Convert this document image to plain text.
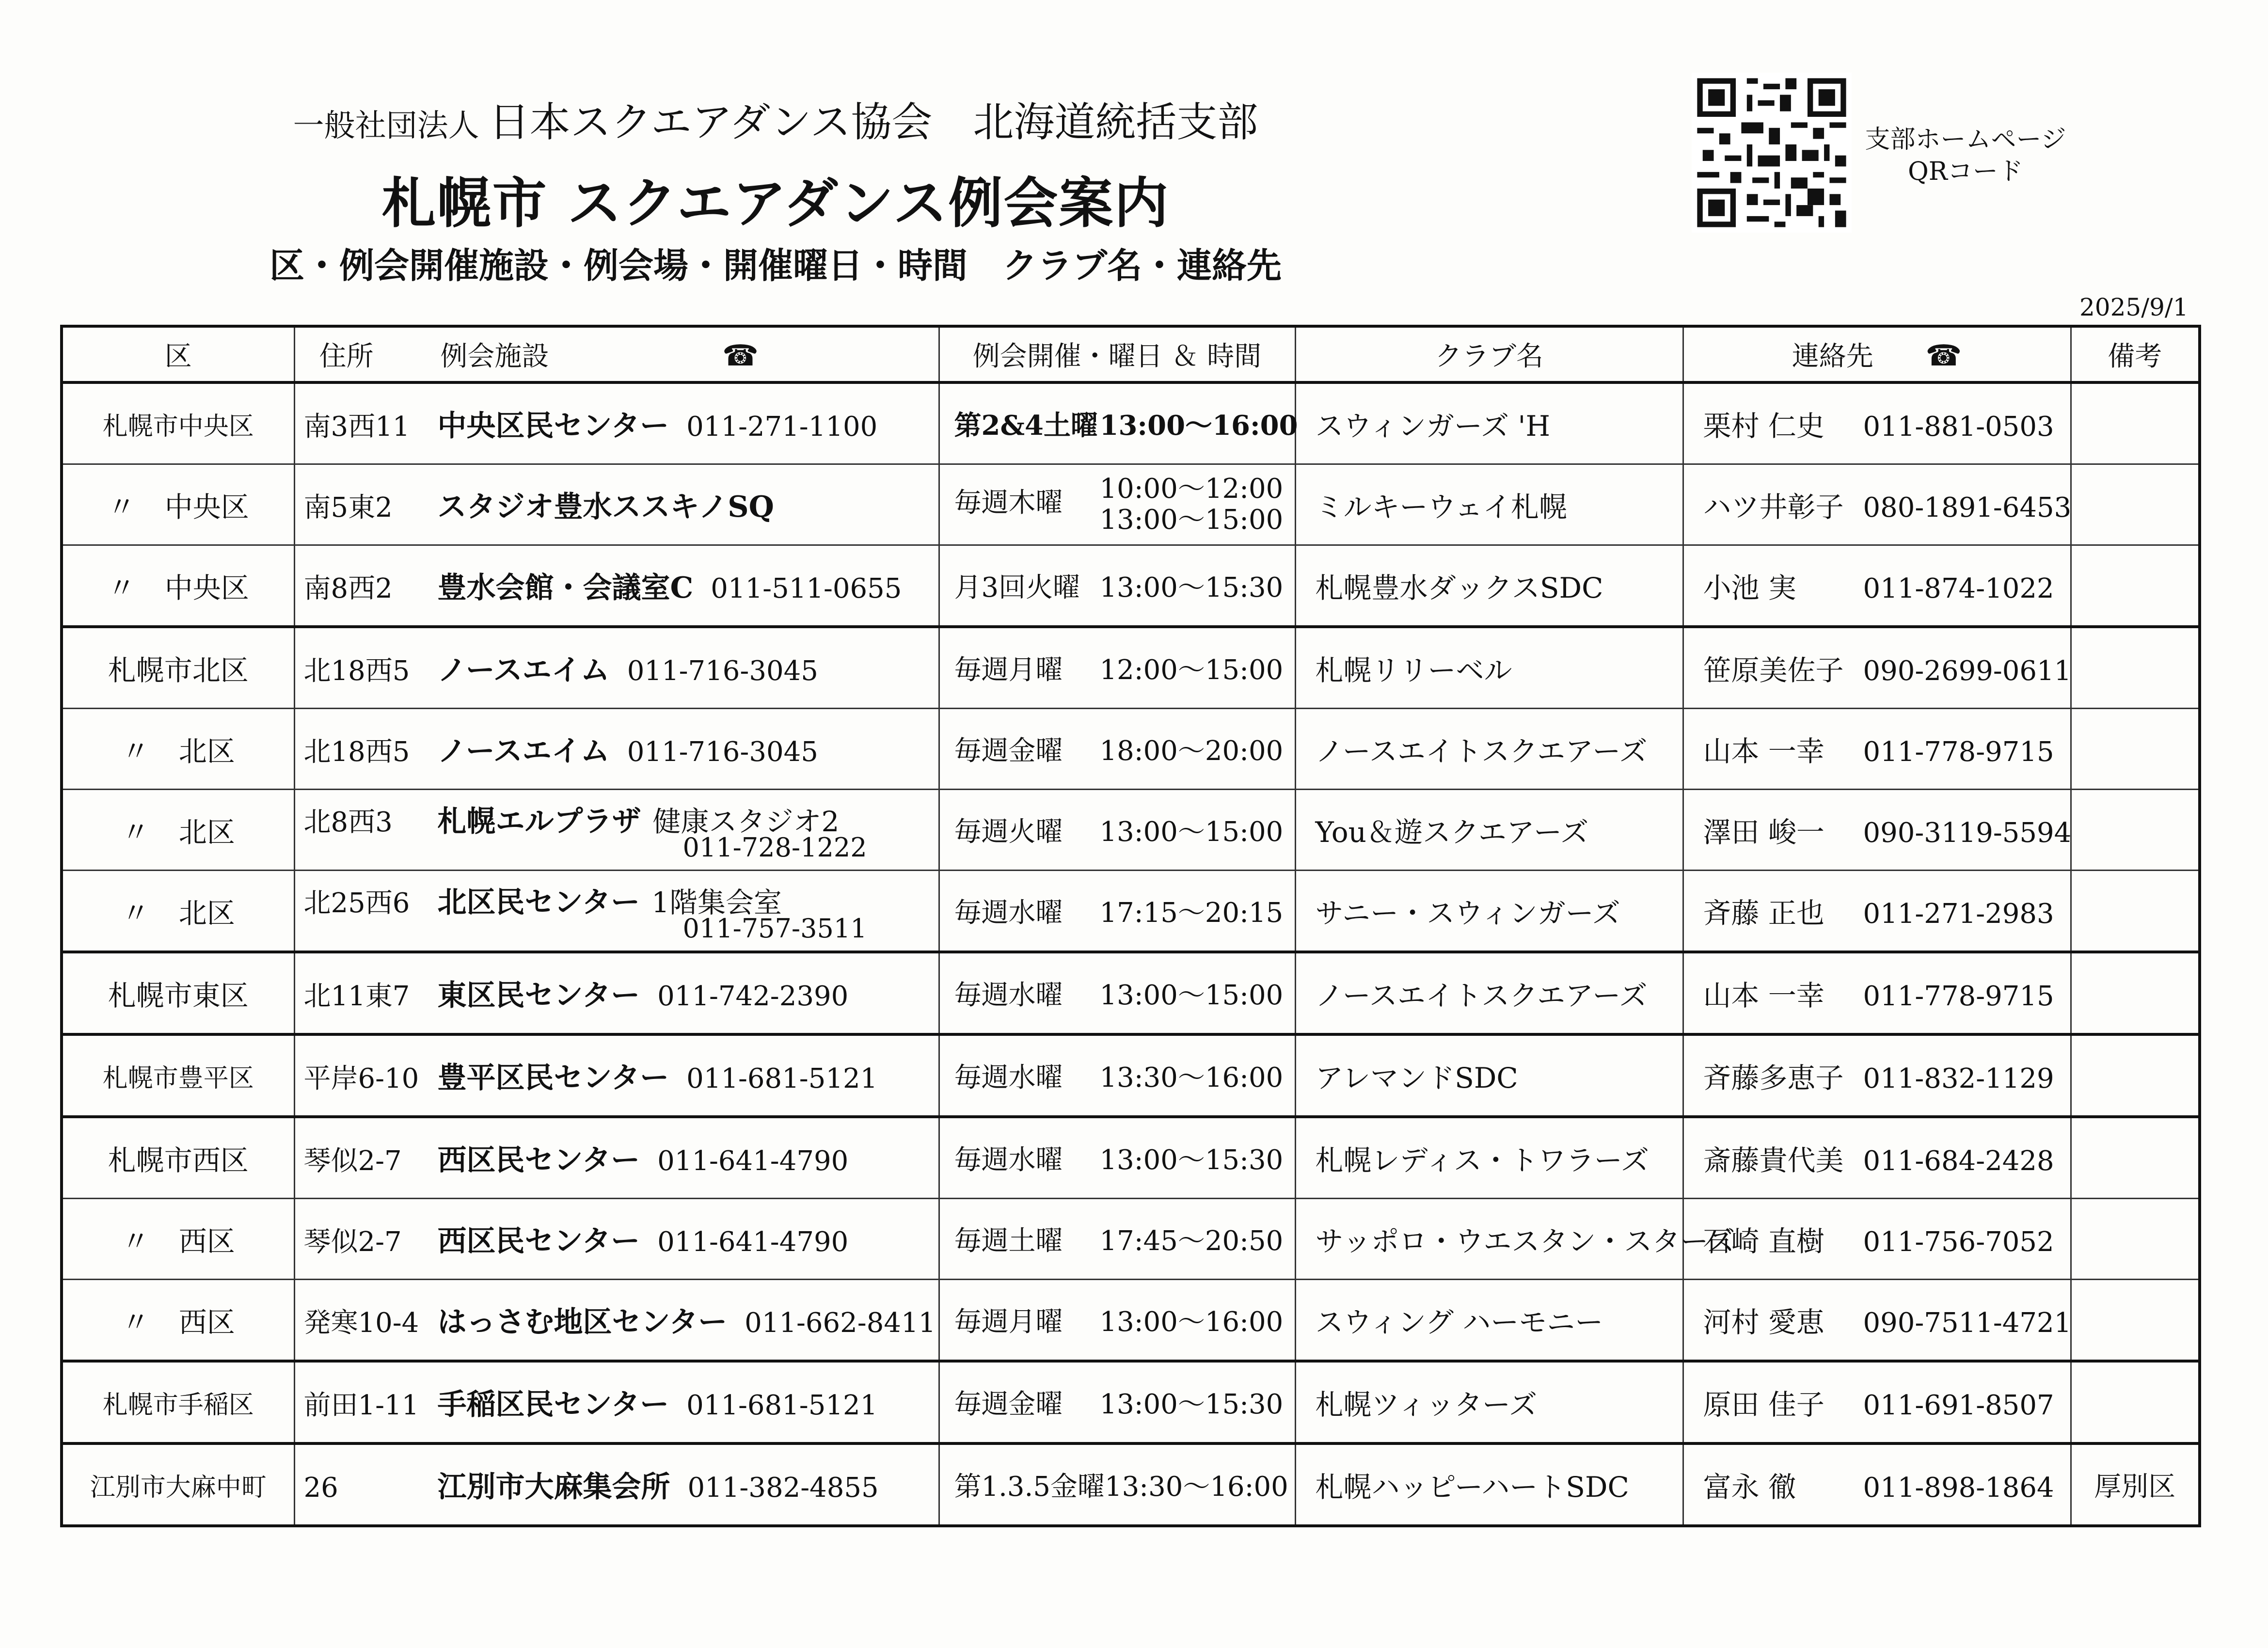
一般社団法人 日本スクエアダンス協会　北海道統括支部
札幌市 スクエアダンス例会案内
区・例会開催施設・例会場・開催曜日・時間　クラブ名・連絡先
支部ホームページ
QRコード
2025/9/1
区	住所 例会施設 ☎	例会開催・曜日 ＆ 時間	クラブ名	連絡先 ☎	備考
札幌市中央区	南3西11 中央区民センター 011-271-1100	第2&4土曜13:00～16:00	スウィンガーズ 'H	栗村 仁史 011-881-0503	
〃 中央区	南5東2 スタジオ豊水ススキノSQ	毎週木曜 10:00～12:00
13:00～15:00	ミルキーウェイ札幌	ハツ井彰子 080-1891-6453	
〃 中央区	南8西2 豊水会館・会議室C 011-511-0655	月3回火曜 13:00～15:30	札幌豊水ダックスSDC	小池 実 011-874-1022	
札幌市北区	北18西5 ノースエイム 011-716-3045	毎週月曜 12:00～15:00	札幌リリーベル	笹原美佐子 090-2699-0611	
〃 北区	北18西5 ノースエイム 011-716-3045	毎週金曜 18:00～20:00	ノースエイトスクエアーズ	山本 一幸 011-778-9715	
〃 北区	北8西3 札幌エルプラザ 健康スタジオ2
011-728-1222	毎週火曜 13:00～15:00	You＆遊スクエアーズ	澤田 峻一 090-3119-5594	
〃 北区	北25西6 北区民センター 1階集会室
011-757-3511	毎週水曜 17:15～20:15	サニー・スウィンガーズ	斉藤 正也 011-271-2983	
札幌市東区	北11東7 東区民センター 011-742-2390	毎週水曜 13:00～15:00	ノースエイトスクエアーズ	山本 一幸 011-778-9715	
札幌市豊平区	平岸6-10 豊平区民センター 011-681-5121	毎週水曜 13:30～16:00	アレマンドSDC	斉藤多恵子 011-832-1129	
札幌市西区	琴似2-7 西区民センター 011-641-4790	毎週水曜 13:00～15:30	札幌レディス・トワラーズ	斎藤貴代美 011-684-2428	
〃 西区	琴似2-7 西区民センター 011-641-4790	毎週土曜 17:45～20:50	サッポロ・ウエスタン・スターズ	石崎 直樹 011-756-7052	
〃 西区	発寒10-4 はっさむ地区センター 011-662-8411	毎週月曜 13:00～16:00	スウィング ハーモニー	河村 愛恵 090-7511-4721	
札幌市手稲区	前田1-11 手稲区民センター 011-681-5121	毎週金曜 13:00～15:30	札幌ツィッターズ	原田 佳子 011-691-8507	
江別市大麻中町	26 江別市大麻集会所 011-382-4855	第1.3.5金曜13:30～16:00	札幌ハッピーハートSDC	富永 徹 011-898-1864	厚別区
